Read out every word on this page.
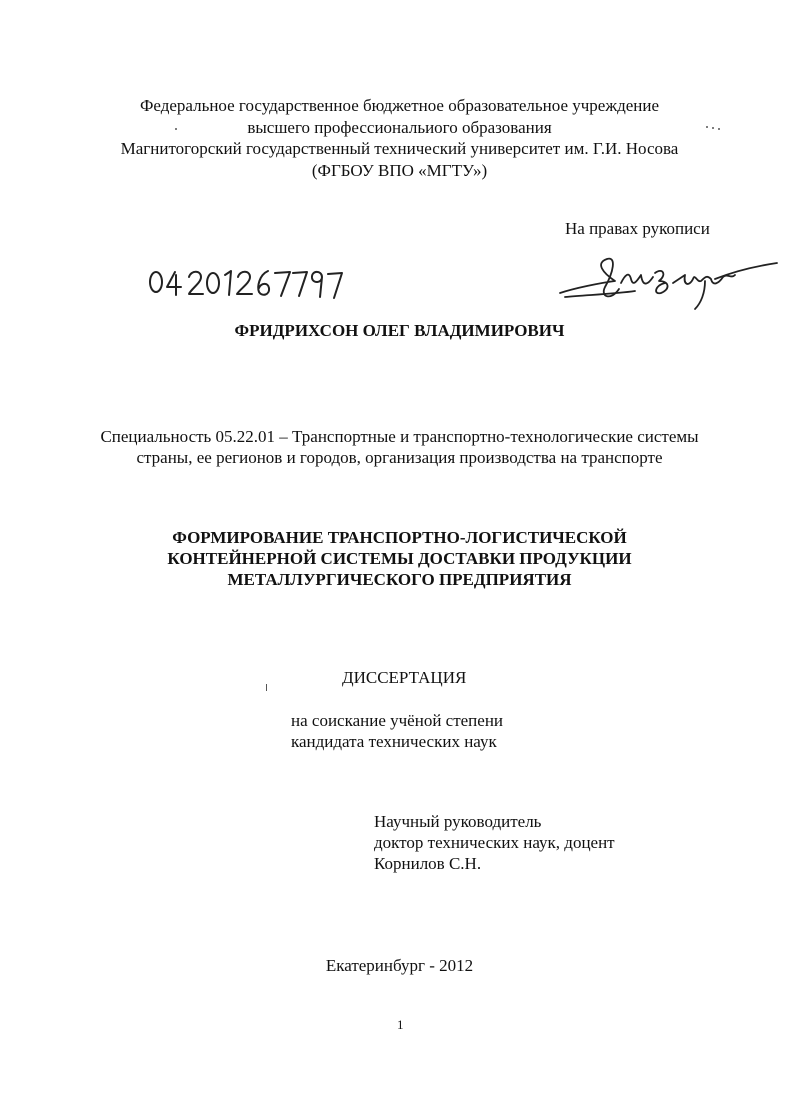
Федеральное государственное бюджетное образовательное учреждение
высшего профессиональиого образования
Магнитогорский государственный технический университет им. Г.И. Носова
(ФГБОУ ВПО «МГТУ»)
На правах рукописи
ФРИДРИХСОН ОЛЕГ ВЛАДИМИРОВИЧ
Специальность 05.22.01 – Транспортные и транспортно-технологические системы
страны, ее регионов и городов, организация производства на транспорте
ФОРМИРОВАНИЕ ТРАНСПОРТНО-ЛОГИСТИЧЕСКОЙ
КОНТЕЙНЕРНОЙ СИСТЕМЫ ДОСТАВКИ ПРОДУКЦИИ
МЕТАЛЛУРГИЧЕСКОГО ПРЕДПРИЯТИЯ
ДИССЕРТАЦИЯ
на соискание учёной степени
кандидата технических наук
Научный руководитель
доктор технических наук, доцент
Корнилов С.Н.
Екатеринбург - 2012
1
